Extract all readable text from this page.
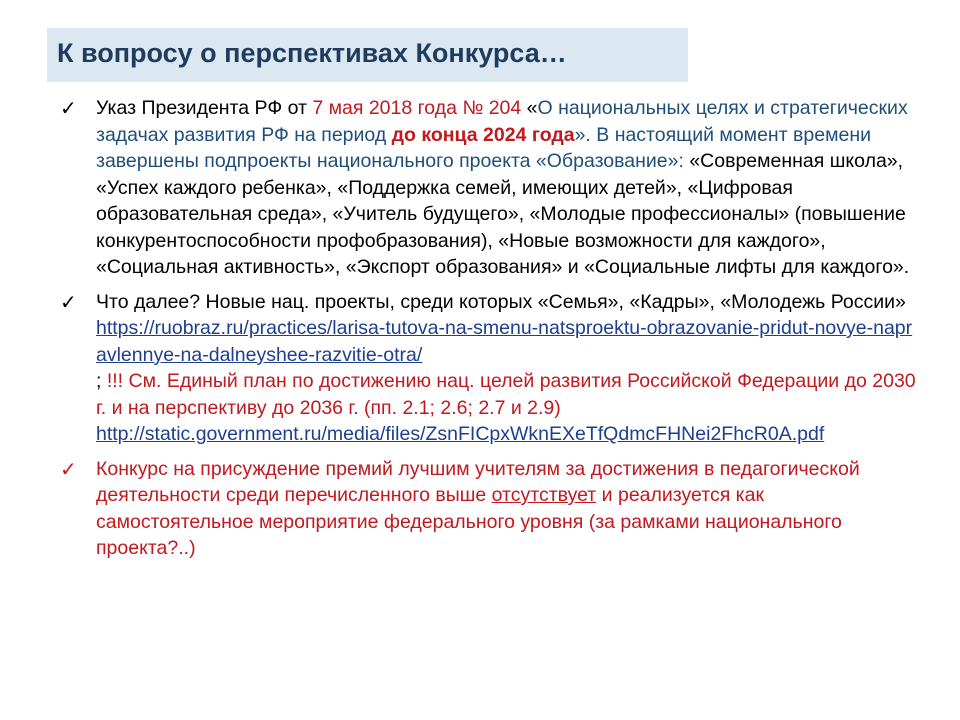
К вопросу о перспективах Конкурса…
✓ Указ Президента РФ от 7 мая 2018 года № 204 «О национальных целях и стратегических задачах развития РФ на период до конца 2024 года». В настоящий момент времени завершены подпроекты национального проекта «Образование»: «Современная школа», «Успех каждого ребенка», «Поддержка семей, имеющих детей», «Цифровая образовательная среда», «Учитель будущего», «Молодые профессионалы» (повышение конкурентоспособности профобразования), «Новые возможности для каждого», «Социальная активность», «Экспорт образования» и «Социальные лифты для каждого».

✓ Что далее? Новые нац. проекты, среди которых «Семья», «Кадры», «Молодежь России»
https://ruobraz.ru/practices/larisa-tutova-na-smenu-natsproektu-obrazovanie-pridut-novye-napravlennye-na-dalneyshee-razvitie-otra/
; !!! См. Единый план по достижению нац. целей развития Российской Федерации до 2030 г. и на перспективу до 2036 г. (пп. 2.1; 2.6; 2.7 и 2.9)
http://static.government.ru/media/files/ZsnFICpxWknEXeTfQdmcFHNei2FhcR0A.pdf

✓ Конкурс на присуждение премий лучшим учителям за достижения в педагогической деятельности среди перечисленного выше отсутствует и реализуется как самостоятельное мероприятие федерального уровня (за рамками национального проекта?..)
